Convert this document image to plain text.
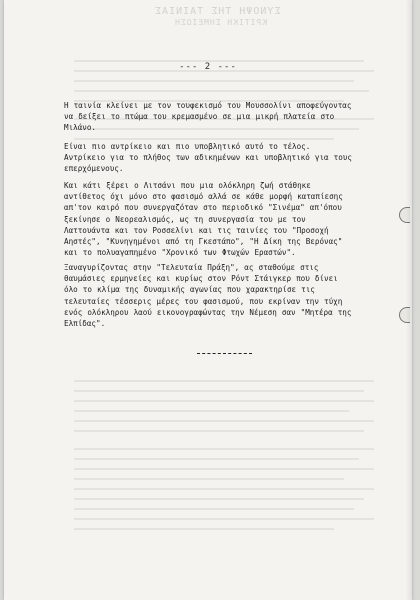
ΣΥΝΟΨΗ ΤΗΣ ΤΑΙΝΙΑΣ
ΚΡΙΤΙΚΗ ΣΗΜΕΙΩΣΗ
--- 2 ---

Η ταινία κλείνει με τον τουφεκισμό του Μουσσολίνι αποφεύγοντας να δείξει το πτώμα του κρεμασμένο σε μια μικρή πλατεία στο Μιλάνο.

Είναι πιο αντρίκειο και πιο υποβλητικό αυτό το τέλος. Αντρίκειο για το πλήθος των αδικημένων και υποβλητικό για τους επερχόμενους.

Και κάτι ξέρει ο Λιτσάνι που μια ολόκληρη ζωή στάθηκε αντίθετος όχι μόνο στο φασισμό αλλά σε κάθε μορφή καταπίεσης απ'τον καιρό που συνεργαζόταν στο περιοδικό "Σινέμα" απ'όπου ξεκίνησε ο Νεορεαλισμός, ως τη συνεργασία του με τον Λαττουάντα και τον Ροσσελίνι και τις ταινίες του "Προσοχή Αηστές", "Κυνηγημένοι από τη Γκεστάπο", "Η Δίκη της Βερόνας" και το πολυαγαπημένο "Χρονικό των Φτωχών Εραστών".

Ξαναγυρίζοντας στην "Τελευταία Πράξη", ας σταθούμε στις θαυμάσιες ερμηνείες και κυρίως στον Ρόντ Στάιγκερ που δίνει όλο το κλίμα της δυναμικής αγωνίας που χαρακτηρίσε τις τελευταίες τέσσερις μέρες του φασισμού, που εκρίναν την τύχη ενός ολόκληρου λαού εικονογραφώντας την Νέμεση σαν "Μητέρα της Ελπίδας".
